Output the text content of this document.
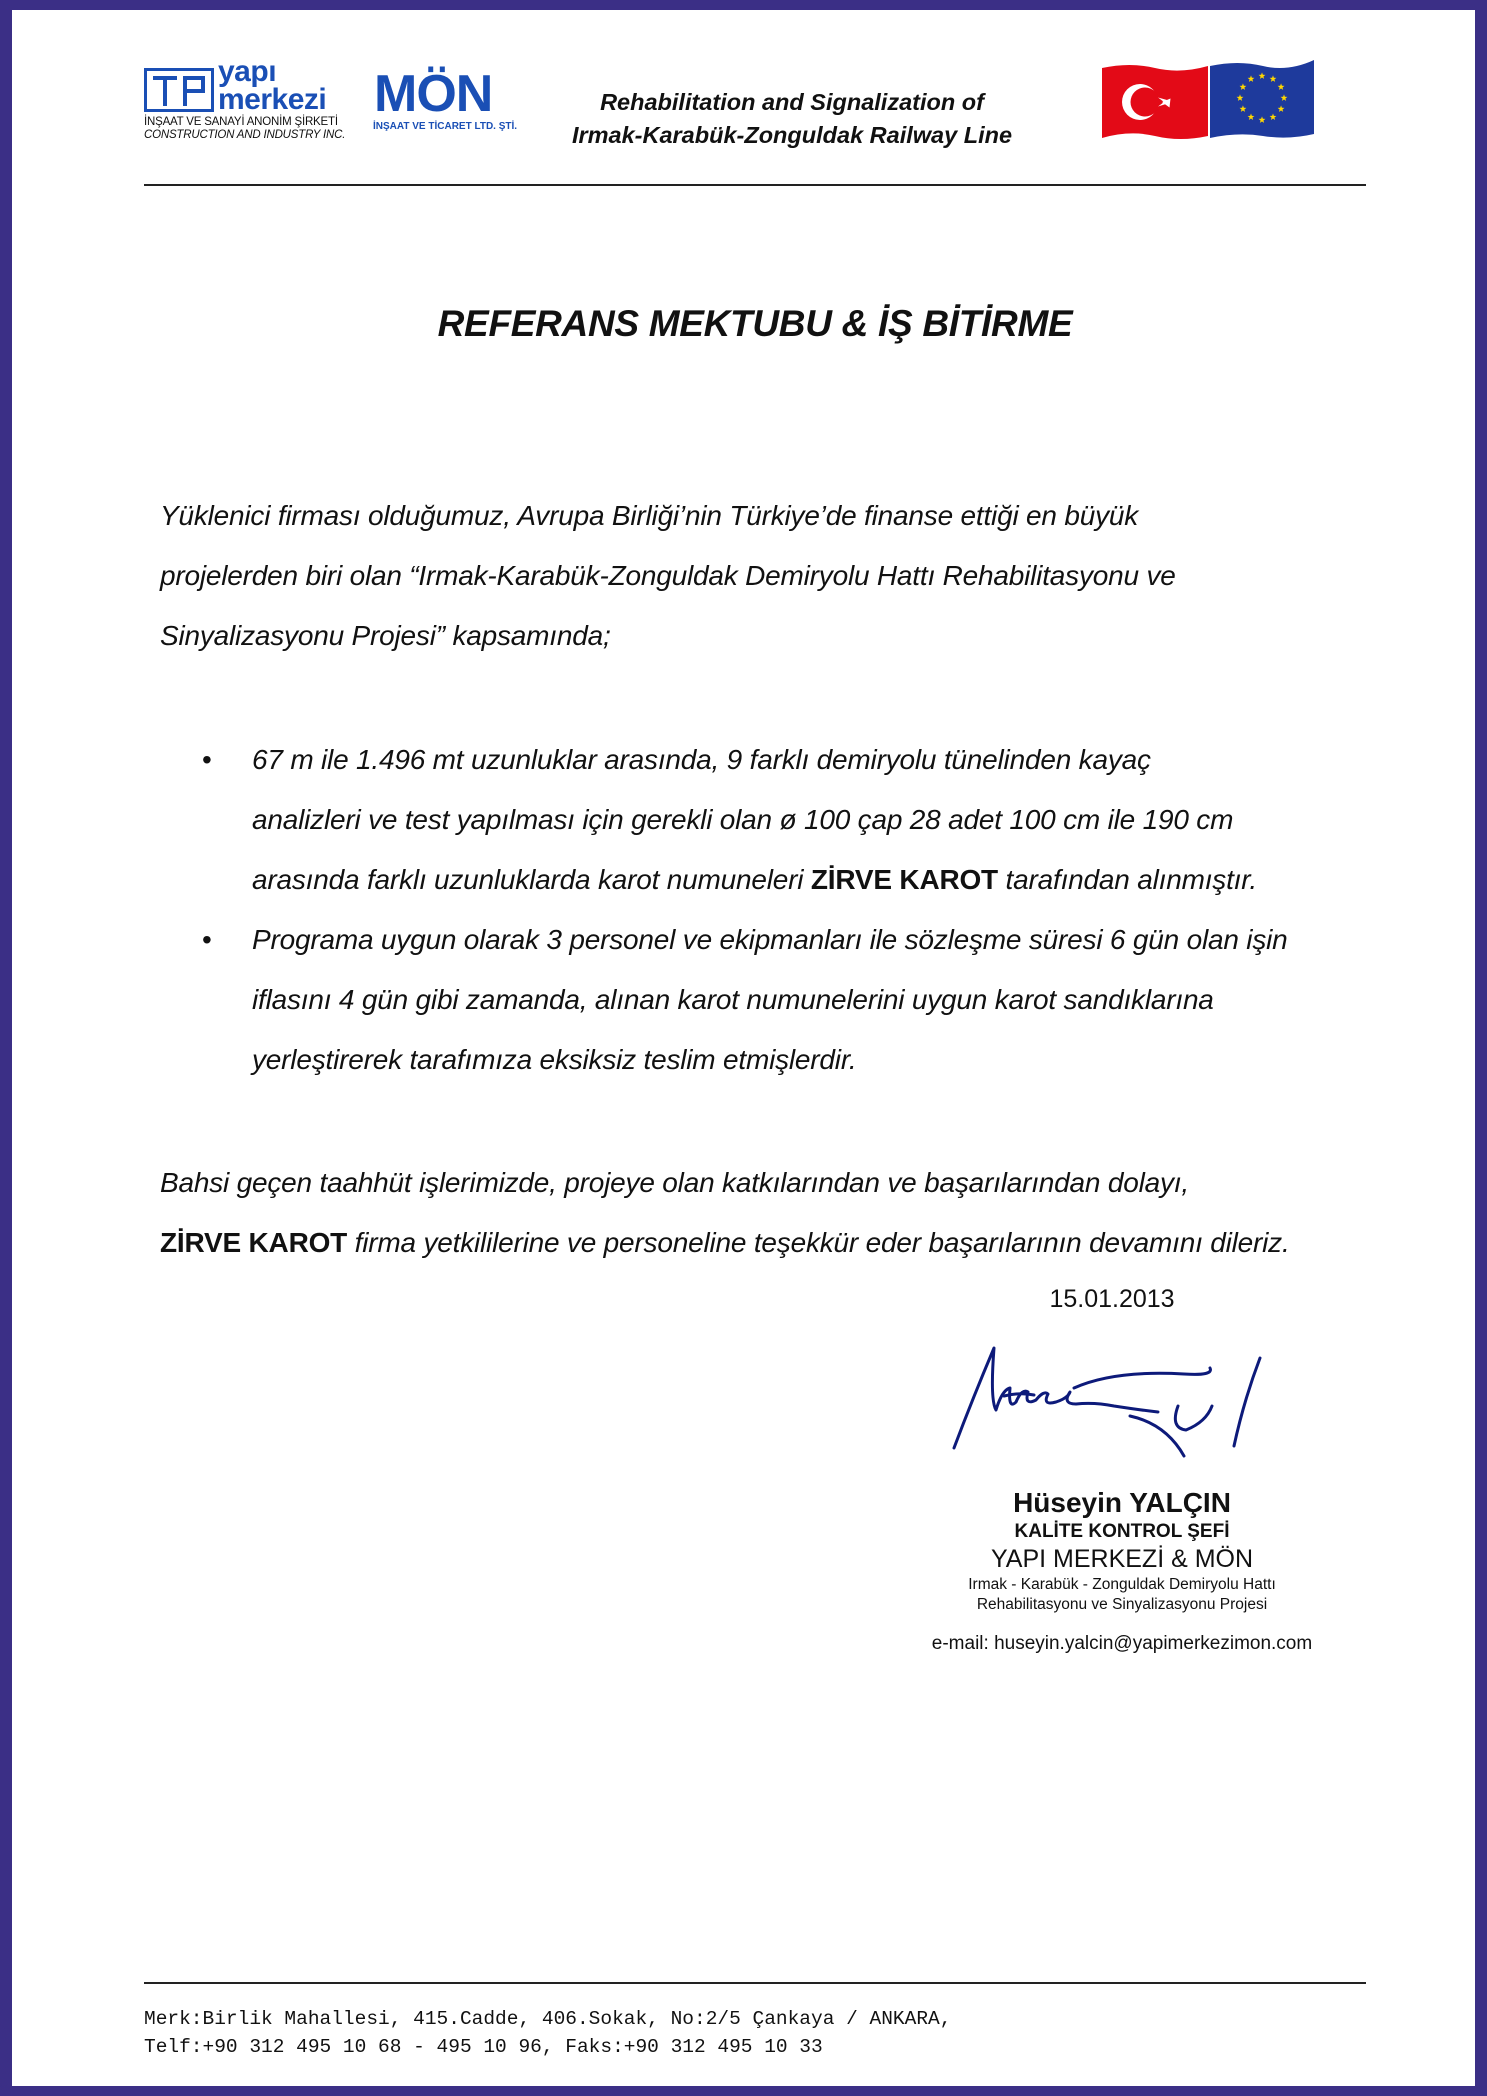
yapı merkezi
İNŞAAT VE SANAYİ ANONİM ŞİRKETİ
CONSTRUCTION AND INDUSTRY INC.
MÖN
İNŞAAT VE TİCARET LTD. ŞTİ.
Rehabilitation and Signalization of
Irmak-Karabük-Zonguldak Railway Line
REFERANS MEKTUBU & İŞ BİTİRME
Yüklenici firması olduğumuz, Avrupa Birliği’nin Türkiye’de finanse ettiği en büyük
projelerden biri olan “Irmak-Karabük-Zonguldak Demiryolu Hattı Rehabilitasyonu ve
Sinyalizasyonu Projesi” kapsamında;
• 67 m ile 1.496 mt uzunluklar arasında, 9 farklı demiryolu tünelinden kayaç
analizleri ve test yapılması için gerekli olan ø 100 çap 28 adet 100 cm ile 190 cm
arasında farklı uzunluklarda karot numuneleri ZİRVE KAROT tarafından alınmıştır.
• Programa uygun olarak 3 personel ve ekipmanları ile sözleşme süresi 6 gün olan işin
iflasını 4 gün gibi zamanda, alınan karot numunelerini uygun karot sandıklarına
yerleştirerek tarafımıza eksiksiz teslim etmişlerdir.
Bahsi geçen taahhüt işlerimizde, projeye olan katkılarından ve başarılarından dolayı,
ZİRVE KAROT firma yetkililerine ve personeline teşekkür eder başarılarının devamını dileriz.
15.01.2013
Hüseyin YALÇIN
KALİTE KONTROL ŞEFİ
YAPI MERKEZİ & MÖN
Irmak - Karabük - Zonguldak Demiryolu Hattı
Rehabilitasyonu ve Sinyalizasyonu Projesi
e-mail: huseyin.yalcin@yapimerkezimon.com
Merk:Birlik Mahallesi, 415.Cadde, 406.Sokak, No:2/5 Çankaya / ANKARA,
Telf:+90 312 495 10 68 - 495 10 96, Faks:+90 312 495 10 33
